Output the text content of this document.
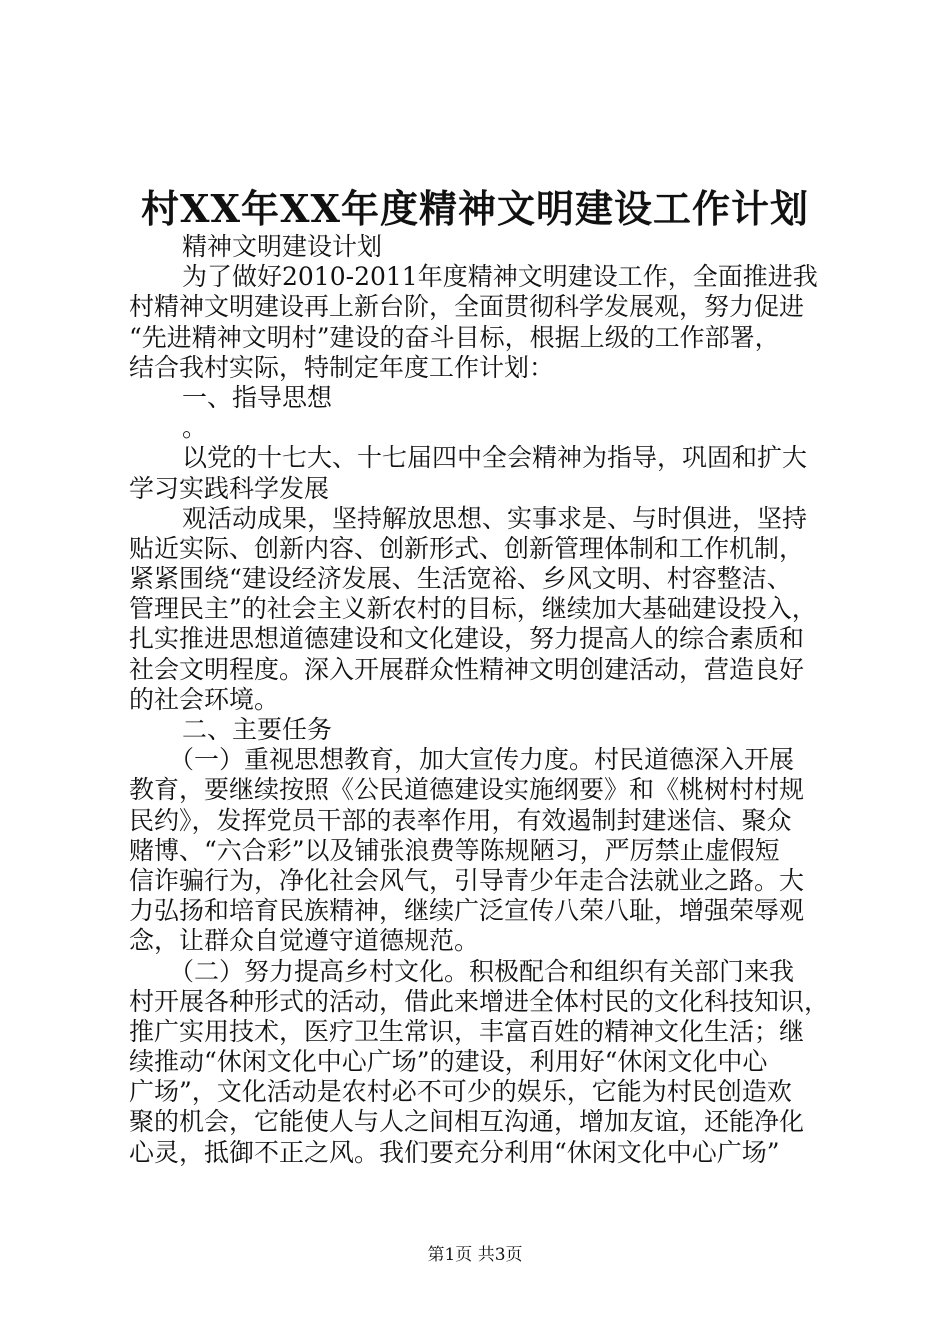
村XX年XX年度精神文明建设工作计划
精神文明建设计划
为了做好2010-2011年度精神文明建设工作，全面推进我
村精神文明建设再上新台阶，全面贯彻科学发展观，努力促进
“先进精神文明村”建设的奋斗目标，根据上级的工作部署，
结合我村实际，特制定年度工作计划：
一、指导思想
。
以党的十七大、十七届四中全会精神为指导，巩固和扩大
学习实践科学发展
观活动成果，坚持解放思想、实事求是、与时俱进，坚持
贴近实际、创新内容、创新形式、创新管理体制和工作机制，
紧紧围绕“建设经济发展、生活宽裕、乡风文明、村容整洁、
管理民主”的社会主义新农村的目标，继续加大基础建设投入，
扎实推进思想道德建设和文化建设，努力提高人的综合素质和
社会文明程度。深入开展群众性精神文明创建活动，营造良好
的社会环境。
二、主要任务
（一）重视思想教育，加大宣传力度。村民道德深入开展
教育，要继续按照《公民道德建设实施纲要》和《桃树村村规
民约》，发挥党员干部的表率作用，有效遏制封建迷信、聚众
赌博、“六合彩”以及铺张浪费等陈规陋习，严厉禁止虚假短
信诈骗行为，净化社会风气，引导青少年走合法就业之路。大
力弘扬和培育民族精神，继续广泛宣传八荣八耻，增强荣辱观
念，让群众自觉遵守道德规范。
（二）努力提高乡村文化。积极配合和组织有关部门来我
村开展各种形式的活动，借此来增进全体村民的文化科技知识，
推广实用技术，医疗卫生常识，丰富百姓的精神文化生活；继
续推动“休闲文化中心广场”的建设，利用好“休闲文化中心
广场”，文化活动是农村必不可少的娱乐，它能为村民创造欢
聚的机会，它能使人与人之间相互沟通，增加友谊，还能净化
心灵，抵御不正之风。我们要充分利用“休闲文化中心广场”
第1页 共3页
